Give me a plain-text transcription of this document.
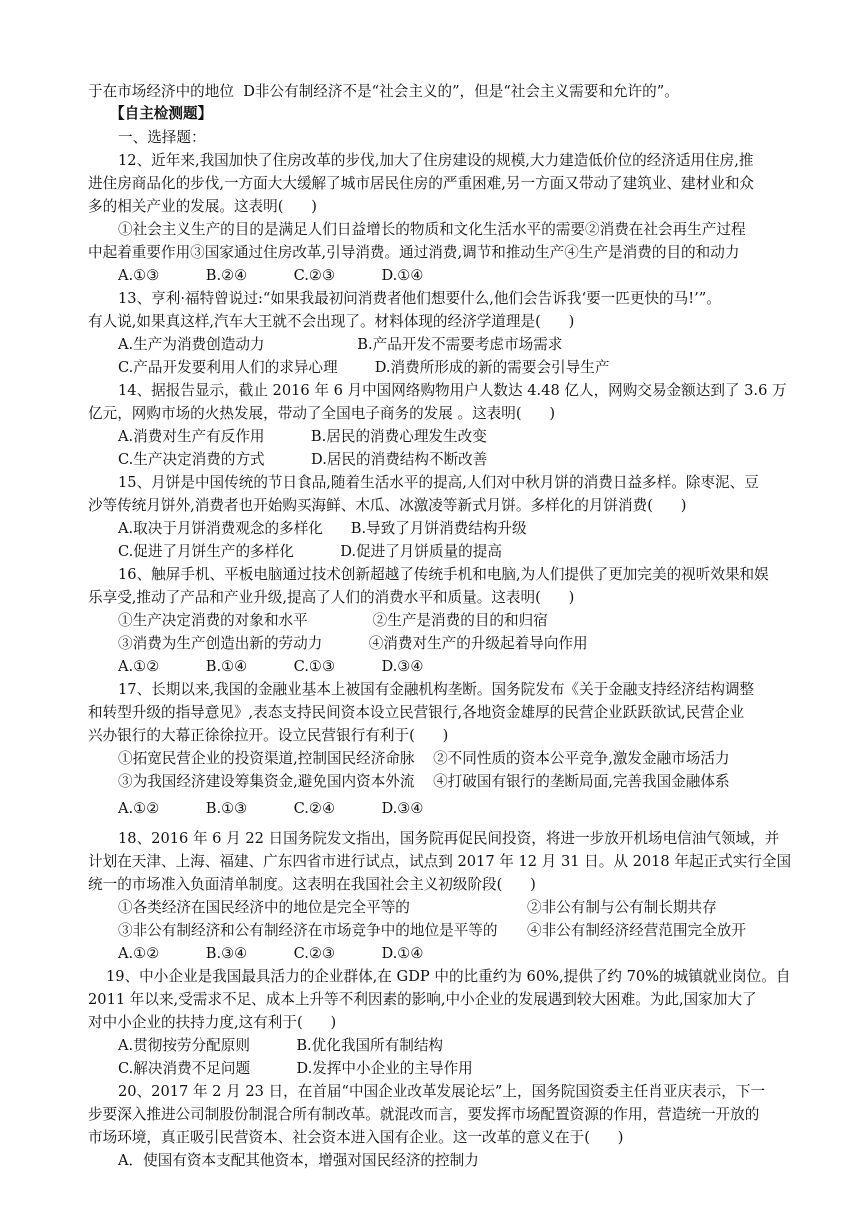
于在市场经济中的地位  D非公有制经济不是“社会主义的”，但是“社会主义需要和允许的”。
【自主检测题】
一、选择题：
12、近年来,我国加快了住房改革的步伐,加大了住房建设的规模,大力建造低价位的经济适用住房,推
进住房商品化的步伐,一方面大大缓解了城市居民住房的严重困难,另一方面又带动了建筑业、建材业和众
多的相关产业的发展。这表明(      )
①社会主义生产的目的是满足人们日益增长的物质和文化生活水平的需要②消费在社会再生产过程
中起着重要作用③国家通过住房改革,引导消费。通过消费,调节和推动生产④生产是消费的目的和动力
A.①③          B.②④          C.②③          D.①④
13、亨利·福特曾说过:“如果我最初问消费者他们想要什么,他们会告诉我‘要一匹更快的马!’”。
有人说,如果真这样,汽车大王就不会出现了。材料体现的经济学道理是(      )
A.生产为消费创造动力                    B.产品开发不需要考虑市场需求
C.产品开发要利用人们的求异心理        D.消费所形成的新的需要会引导生产
14、据报告显示，截止 2016 年 6 月中国网络购物用户人数达 4.48 亿人，网购交易金额达到了 3.6 万
亿元，网购市场的火热发展，带动了全国电子商务的发展 。这表明(      )
A.消费对生产有反作用          B.居民的消费心理发生改变
C.生产决定消费的方式          D.居民的消费结构不断改善
15、月饼是中国传统的节日食品,随着生活水平的提高,人们对中秋月饼的消费日益多样。除枣泥、豆
沙等传统月饼外,消费者也开始购买海鲜、木瓜、冰激凌等新式月饼。多样化的月饼消费(      )
A.取决于月饼消费观念的多样化      B.导致了月饼消费结构升级
C.促进了月饼生产的多样化          D.促进了月饼质量的提高
16、触屏手机、平板电脑通过技术创新超越了传统手机和电脑,为人们提供了更加完美的视听效果和娱
乐享受,推动了产品和产业升级,提高了人们的消费水平和质量。这表明(      )
①生产决定消费的对象和水平              ②生产是消费的目的和归宿
③消费为生产创造出新的劳动力          ④消费对生产的升级起着导向作用
A.①②          B.①④          C.①③          D.③④
17、长期以来,我国的金融业基本上被国有金融机构垄断。国务院发布《关于金融支持经济结构调整
和转型升级的指导意见》,表态支持民间资本设立民营银行,各地资金雄厚的民营企业跃跃欲试,民营企业
兴办银行的大幕正徐徐拉开。设立民营银行有利于(      )
①拓宽民营企业的投资渠道,控制国民经济命脉    ②不同性质的资本公平竞争,激发金融市场活力
③为我国经济建设筹集资金,避免国内资本外流    ④打破国有银行的垄断局面,完善我国金融体系
A.①②          B.①③          C.②④          D.③④
18、2016 年 6 月 22 日国务院发文指出，国务院再促民间投资，将进一步放开机场电信油气领域，并
计划在天津、上海、福建、广东四省市进行试点，试点到 2017 年 12 月 31 日。从 2018 年起正式实行全国
统一的市场准入负面清单制度。这表明在我国社会主义初级阶段(      )
①各类经济在国民经济中的地位是完全平等的	②非公有制与公有制长期共存
③非公有制经济和公有制经济在市场竞争中的地位是平等的 ④非公有制经济经营范围完全放开
A.①②          B.③④          C.②③          D.①④
19、中小企业是我国最具活力的企业群体,在 GDP 中的比重约为 60%,提供了约 70%的城镇就业岗位。自
2011 年以来,受需求不足、成本上升等不利因素的影响,中小企业的发展遇到较大困难。为此,国家加大了
对中小企业的扶持力度,这有利于(      )
A.贯彻按劳分配原则          B.优化我国所有制结构
C.解决消费不足问题          D.发挥中小企业的主导作用
20、2017 年 2 月 23 日，在首届“中国企业改革发展论坛”上，国务院国资委主任肖亚庆表示，下一
步要深入推进公司制股份制混合所有制改革。就混改而言，要发挥市场配置资源的作用，营造统一开放的
市场环境，真正吸引民营资本、社会资本进入国有企业。这一改革的意义在于(      )
A．使国有资本支配其他资本，增强对国民经济的控制力
